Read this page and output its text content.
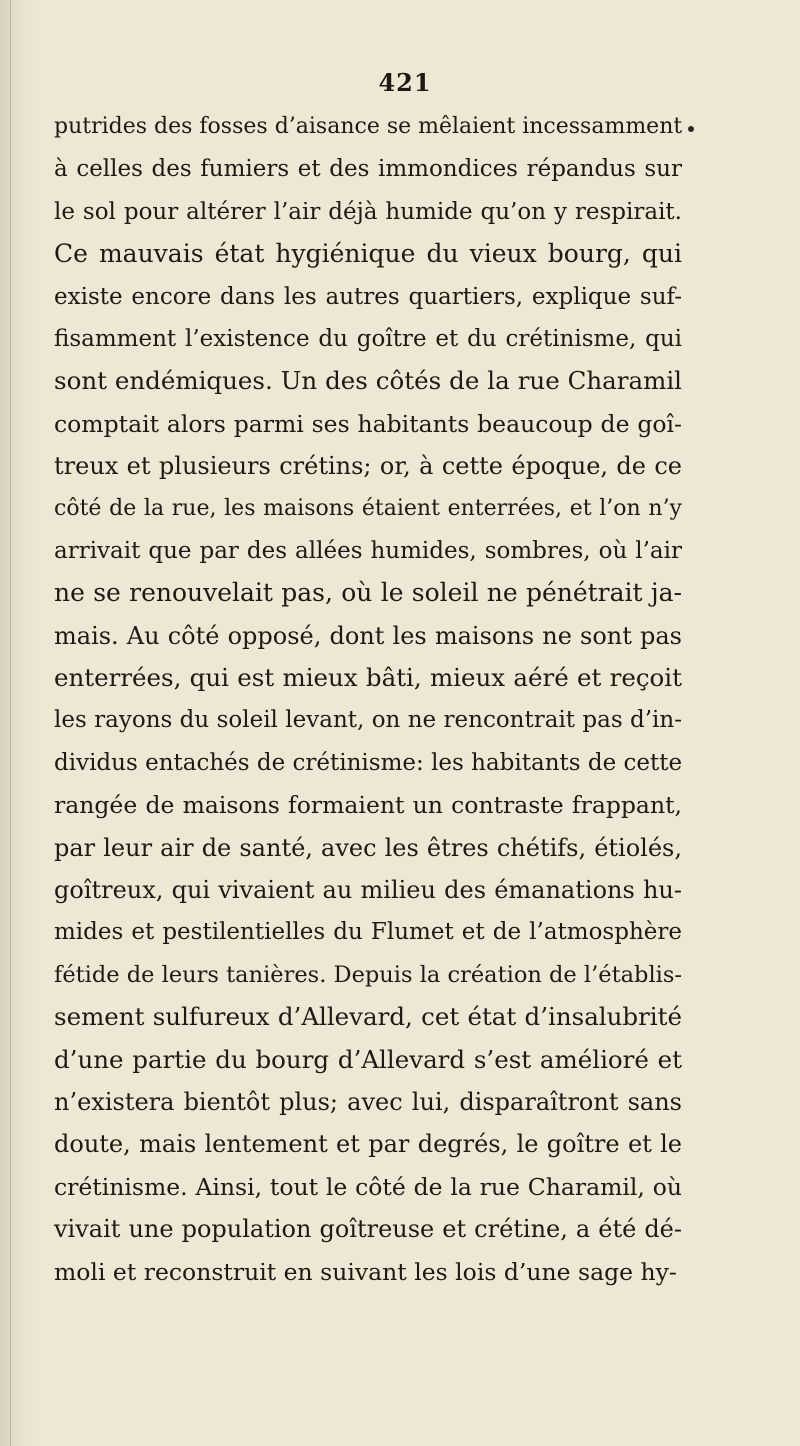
421
putrides des fosses d’aisance se mêlaient incessamment
à celles des fumiers et des immondices répandus sur
le sol pour altérer l’air déjà humide qu’on y respirait.
Ce mauvais état hygiénique du vieux bourg, qui
existe encore dans les autres quartiers, explique suf-
fisamment l’existence du goître et du crétinisme, qui
sont endémiques. Un des côtés de la rue Charamil
comptait alors parmi ses habitants beaucoup de goî-
treux et plusieurs crétins; or, à cette époque, de ce
côté de la rue, les maisons étaient enterrées, et l’on n’y
arrivait que par des allées humides, sombres, où l’air
ne se renouvelait pas, où le soleil ne pénétrait ja-
mais. Au côté opposé, dont les maisons ne sont pas
enterrées, qui est mieux bâti, mieux aéré et reçoit
les rayons du soleil levant, on ne rencontrait pas d’in-
dividus entachés de crétinisme: les habitants de cette
rangée de maisons formaient un contraste frappant,
par leur air de santé, avec les êtres chétifs, étiolés,
goîtreux, qui vivaient au milieu des émanations hu-
mides et pestilentielles du Flumet et de l’atmosphère
fétide de leurs tanières. Depuis la création de l’établis-
sement sulfureux d’Allevard, cet état d’insalubrité
d’une partie du bourg d’Allevard s’est amélioré et
n’existera bientôt plus; avec lui, disparaîtront sans
doute, mais lentement et par degrés, le goître et le
crétinisme. Ainsi, tout le côté de la rue Charamil, où
vivait une population goîtreuse et crétine, a été dé-
moli et reconstruit en suivant les lois d’une sage hy-
